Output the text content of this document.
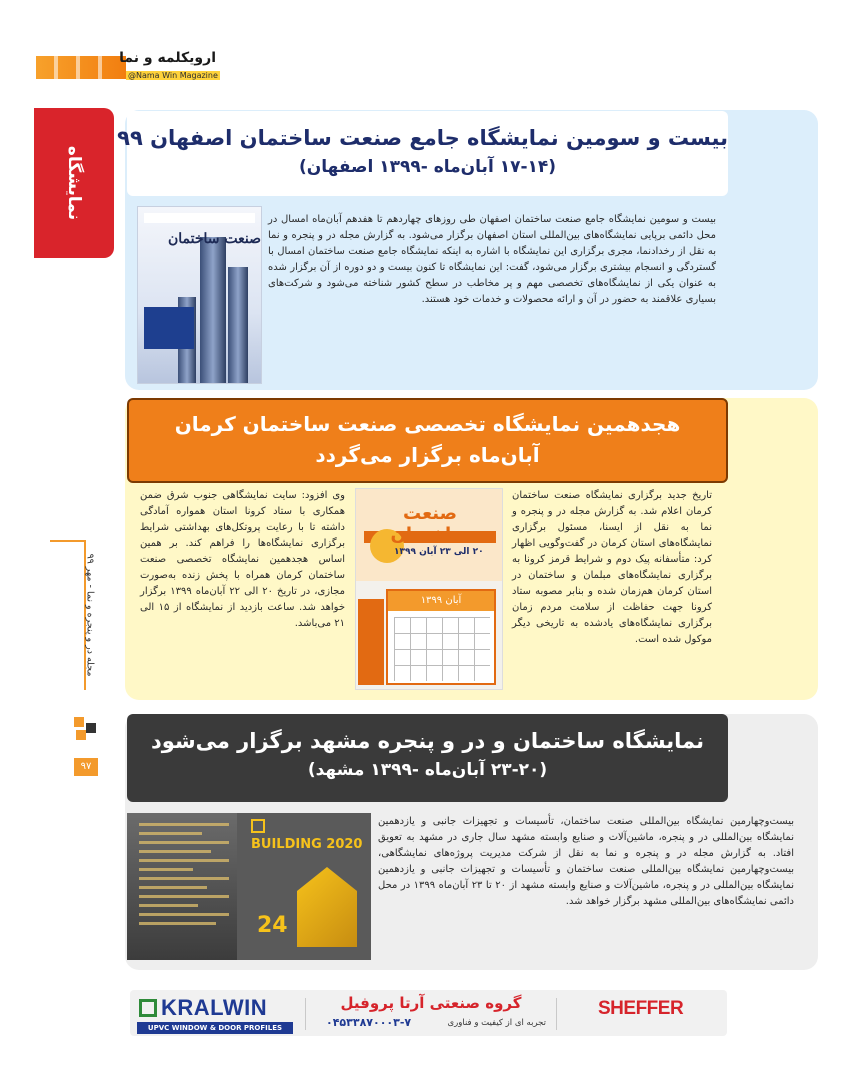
ارویکلمه و نما
@Nama Win Magazine
نمایشگاه
مجله در و پنجره و نما - مهر ۹۹
۹۷
بیست و سومین نمایشگاه جامع صنعت ساختمان اصفهان ۹۹
(۱۷-۱۴ آبان‌ماه -۱۳۹۹ اصفهان)
صنعت ساختمان

بیست و سومین نمایشگاه جامع صنعت ساختمان اصفهان طی روزهای چهاردهم تا هفدهم آبان‌ماه امسال در محل دائمی برپایی نمایشگاه‌های بین‌المللی استان اصفهان برگزار می‌شود. به گزارش مجله در و پنجره و نما به نقل از رخدادنما، مجری برگزاری این نمایشگاه با اشاره به اینکه نمایشگاه جامع صنعت ساختمان امسال با گستردگی و انسجام بیشتری برگزار می‌شود، گفت: این نمایشگاه تا کنون بیست و دو دوره از آن برگزار شده به عنوان یکی از نمایشگاه‌های تخصصی مهم و پر مخاطب در سطح کشور شناخته می‌شود و شرکت‌های بسیاری علاقمند به حضور در آن و ارائه محصولات و خدمات خود هستند.

هجدهمین نمایشگاه تخصصی صنعت ساختمان کرمان
آبان‌ماه برگزار می‌گردد

تاریخ جدید برگزاری نمایشگاه صنعت ساختمان کرمان اعلام شد. به گزارش مجله در و پنجره و نما به نقل از ایسنا، مسئول برگزاری نمایشگاه‌های استان کرمان در گفت‌وگویی اظهار کرد: متأسفانه پیک دوم و شرایط قرمز کرونا به برگزاری نمایشگاه‌های مبلمان و ساختمان در استان کرمان هم‌زمان شده و بنابر مصوبه ستاد کرونا جهت حفاظت از سلامت مردم زمان برگزاری نمایشگاه‌های یادشده به تاریخی دیگر موکول شده است.

صنعت ساختمان
۲۰ الی ۲۳ آبان ۱۳۹۹
آبان ۱۳۹۹

وی افزود: سایت نمایشگاهی جنوب شرق ضمن همکاری با ستاد کرونا استان همواره آمادگی داشته تا با رعایت پروتکل‌های بهداشتی شرایط برگزاری نمایشگاه‌ها را فراهم کند. بر همین اساس هجدهمین نمایشگاه تخصصی صنعت ساختمان کرمان همراه با پخش زنده به‌صورت مجازی، در تاریخ ۲۰ الی ۲۲ آبان‌ماه ۱۳۹۹ برگزار خواهد شد. ساعت بازدید از نمایشگاه از ۱۵ الی ۲۱ می‌باشد.

نمایشگاه ساختمان و در و پنجره مشهد برگزار می‌شود
(۲۳-۲۰ آبان‌ماه -۱۳۹۹ مشهد)
BUILDING 2020
24

بیست‌وچهارمین نمایشگاه بین‌المللی صنعت ساختمان، تأسیسات و تجهیزات جانبی و یازدهمین نمایشگاه بین‌المللی در و پنجره، ماشین‌آلات و صنایع وابسته مشهد سال جاری در مشهد به تعویق افتاد. به گزارش مجله در و پنجره و نما به نقل از شرکت مدیریت پروژه‌های نمایشگاهی، بیست‌وچهارمین نمایشگاه بین‌المللی صنعت ساختمان و تأسیسات و تجهیزات جانبی و یازدهمین نمایشگاه بین‌المللی در و پنجره، ماشین‌آلات و صنایع وابسته مشهد از ۲۰ تا ۲۳ آبان‌ماه ۱۳۹۹ در محل دائمی نمایشگاه‌های بین‌المللی مشهد برگزار خواهد شد.

KRALWIN
UPVC WINDOW & DOOR PROFILES
گروه صنعتی آرتا پروفیل
تجربه ای از کیفیت و فناوری
۰۴۵۳۳۸۷۰۰۰۳-۷
SHEFFER
